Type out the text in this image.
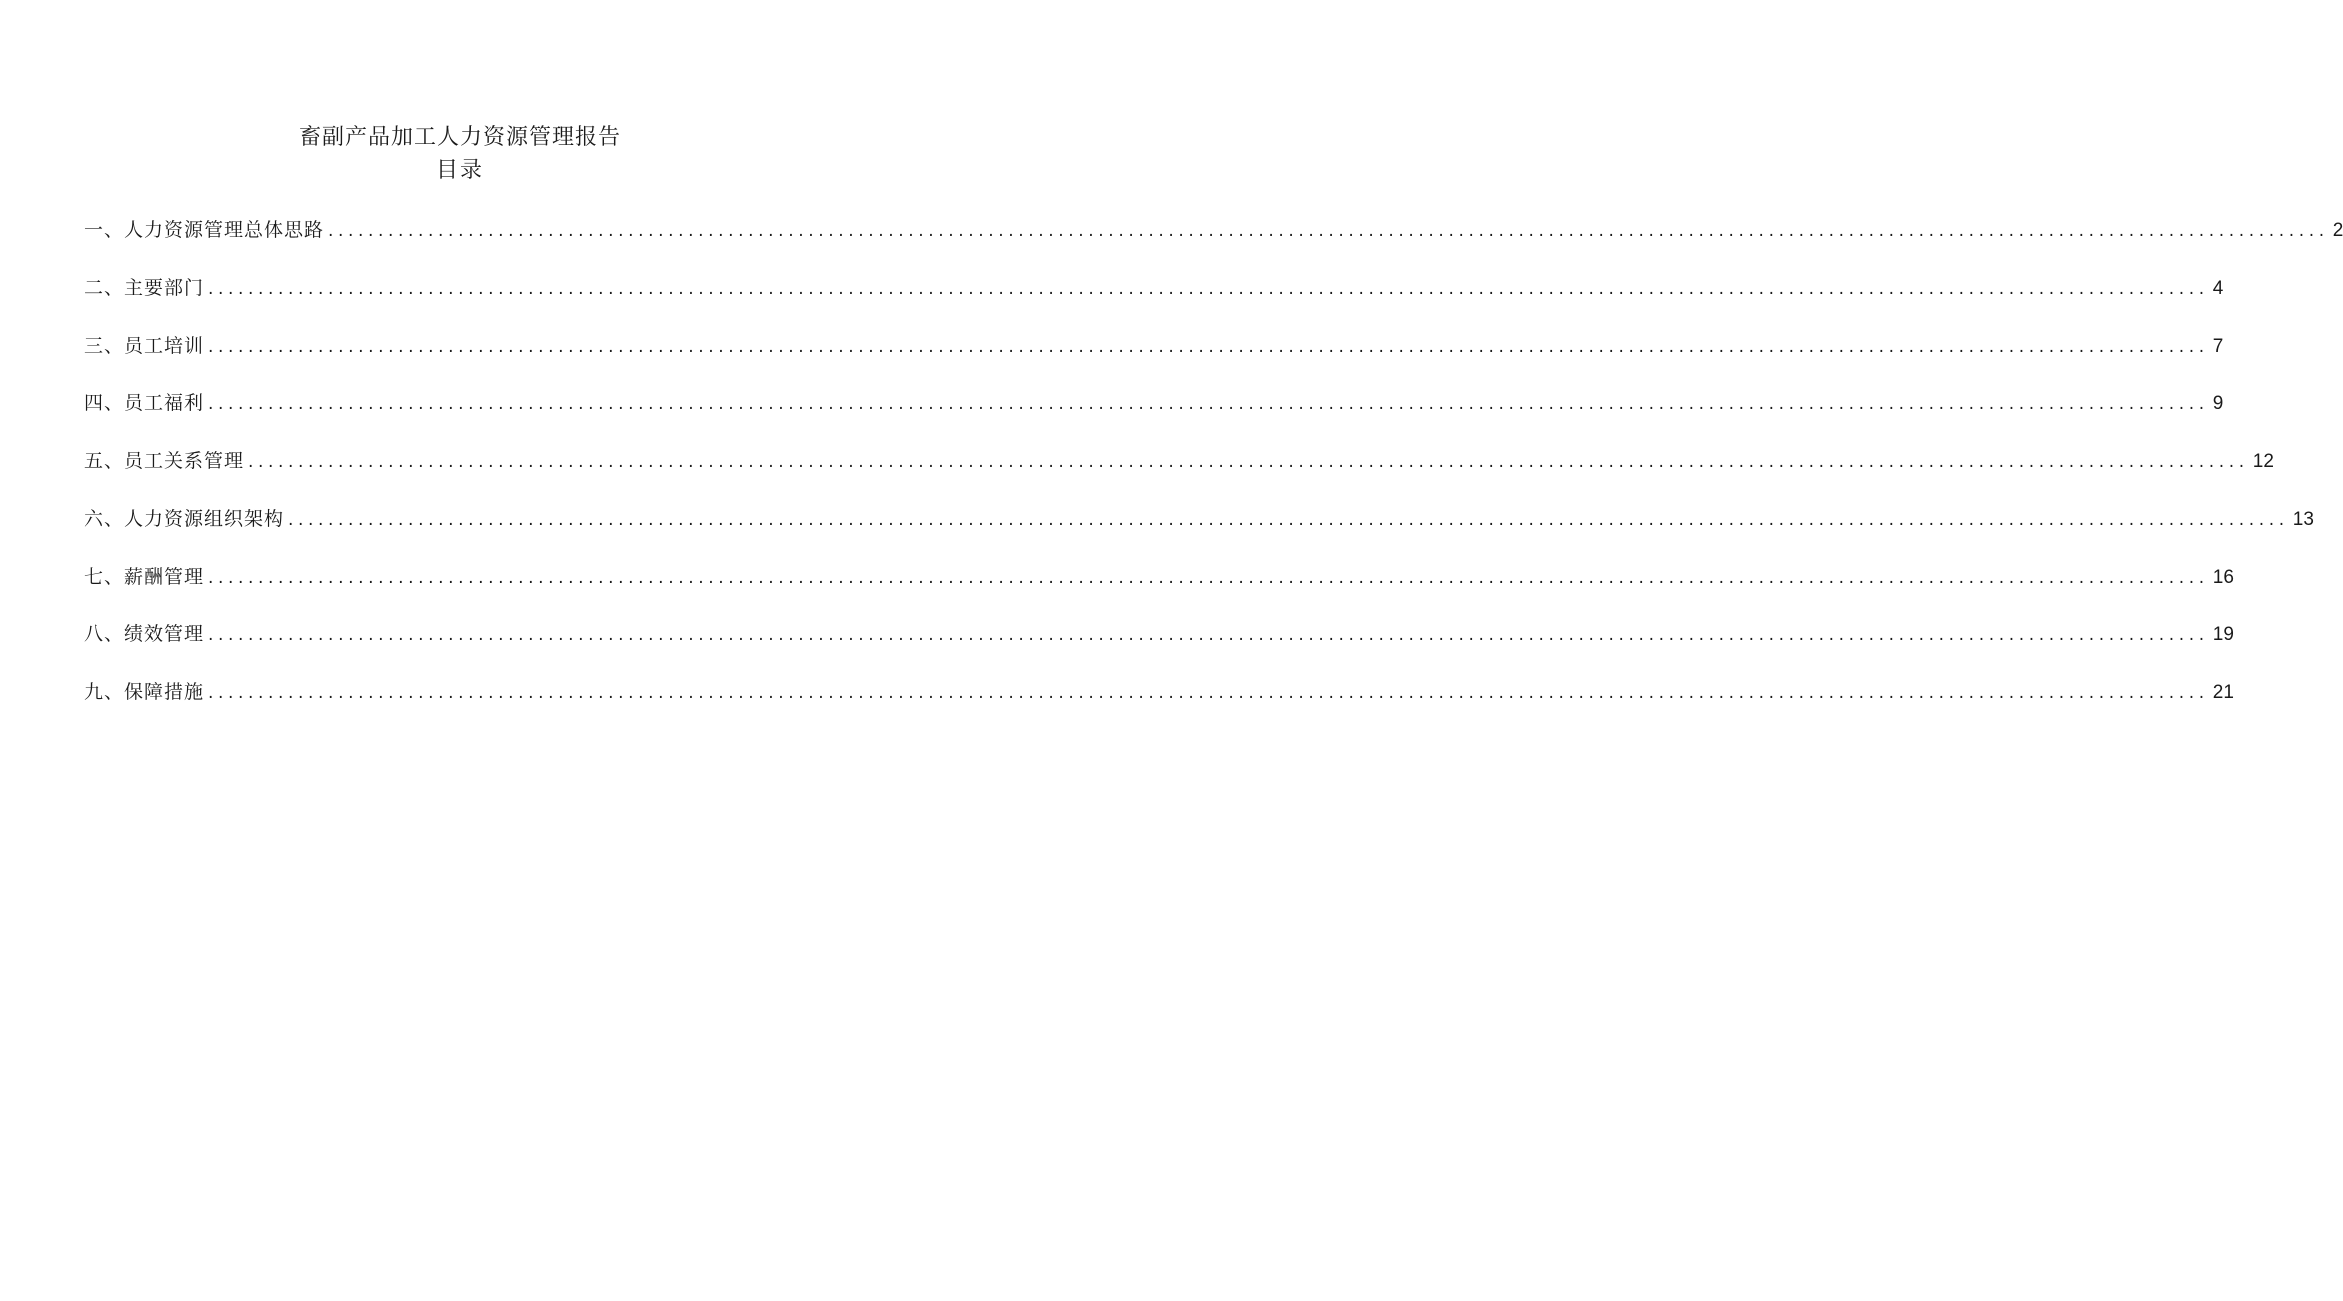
畜副产品加工人力资源管理报告
目录
一、人力资源管理总体思路 ........................................................................................................................................................................................................ 2
二、主要部门 ........................................................................................................................................................................................................ 4
三、员工培训 ........................................................................................................................................................................................................ 7
四、员工福利 ........................................................................................................................................................................................................ 9
五、员工关系管理 ........................................................................................................................................................................................................ 12
六、人力资源组织架构 ........................................................................................................................................................................................................ 13
七、薪酬管理 ........................................................................................................................................................................................................ 16
八、绩效管理 ........................................................................................................................................................................................................ 19
九、保障措施 ........................................................................................................................................................................................................ 21
